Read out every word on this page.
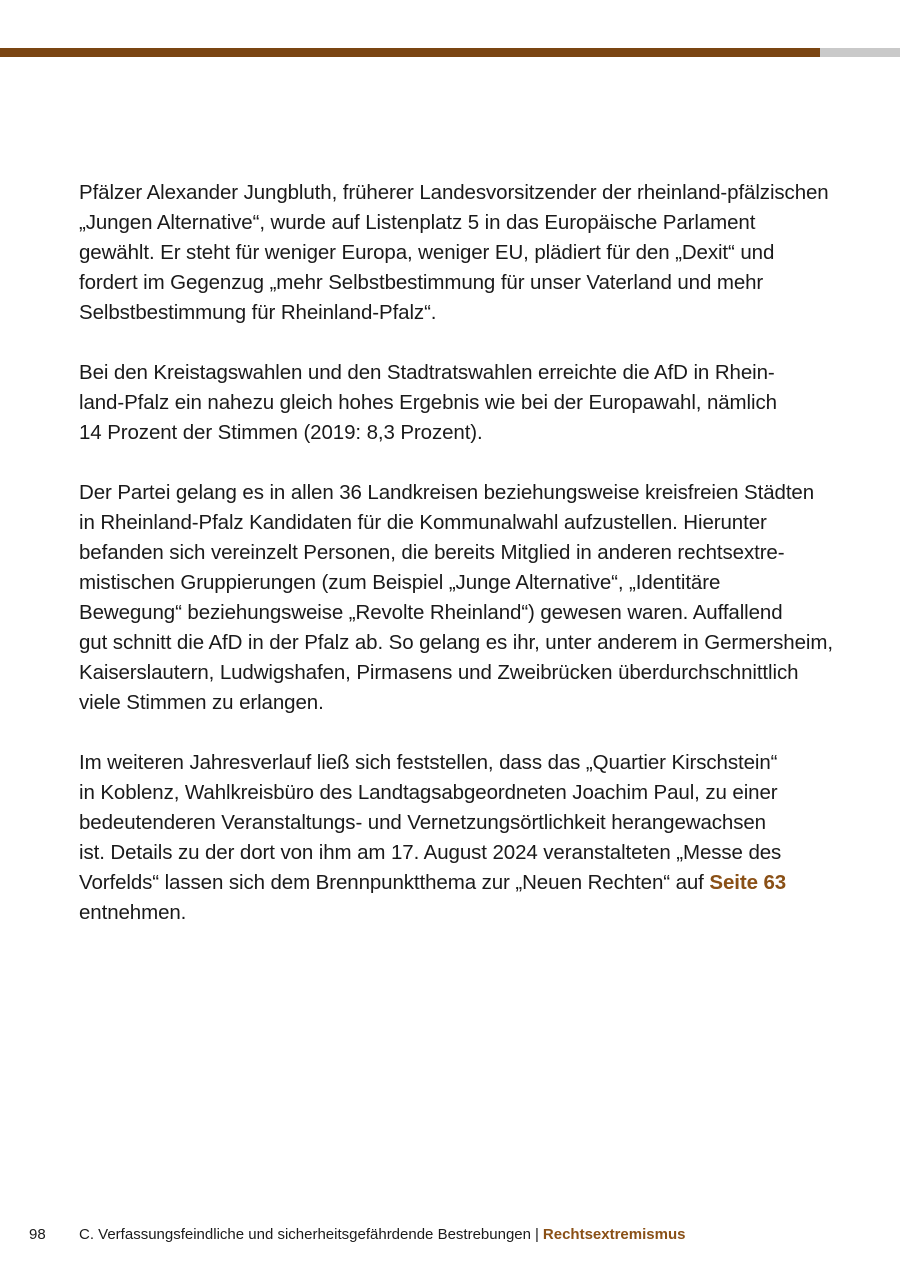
Pfälzer Alexander Jungbluth, früherer Landesvorsitzender der rheinland-pfälzischen
„Jungen Alternative“, wurde auf Listenplatz 5 in das Europäische Parlament
gewählt. Er steht für weniger Europa, weniger EU, plädiert für den „Dexit“ und
fordert im Gegenzug „mehr Selbstbestimmung für unser Vaterland und mehr
Selbstbestimmung für Rheinland-Pfalz“.

Bei den Kreistagswahlen und den Stadtratswahlen erreichte die AfD in Rhein-
land-Pfalz ein nahezu gleich hohes Ergebnis wie bei der Europawahl, nämlich
14 Prozent der Stimmen (2019: 8,3 Prozent).

Der Partei gelang es in allen 36 Landkreisen beziehungsweise kreisfreien Städten
in Rheinland-Pfalz Kandidaten für die Kommunalwahl aufzustellen. Hierunter
befanden sich vereinzelt Personen, die bereits Mitglied in anderen rechtsextre-
mistischen Gruppierungen (zum Beispiel „Junge Alternative“, „Identitäre
Bewegung“ beziehungsweise „Revolte Rheinland“) gewesen waren. Auffallend
gut schnitt die AfD in der Pfalz ab. So gelang es ihr, unter anderem in Germersheim,
Kaiserslautern, Ludwigshafen, Pirmasens und Zweibrücken überdurchschnittlich
viele Stimmen zu erlangen.

Im weiteren Jahresverlauf ließ sich feststellen, dass das „Quartier Kirschstein“
in Koblenz, Wahlkreisbüro des Landtagsabgeordneten Joachim Paul, zu einer
bedeutenderen Veranstaltungs- und Vernetzungsörtlichkeit herangewachsen
ist. Details zu der dort von ihm am 17. August 2024 veranstalteten „Messe des
Vorfelds“ lassen sich dem Brennpunktthema zur „Neuen Rechten“ auf Seite 63
entnehmen.

98 C. Verfassungsfeindliche und sicherheitsgefährdende Bestrebungen | Rechtsextremismus
